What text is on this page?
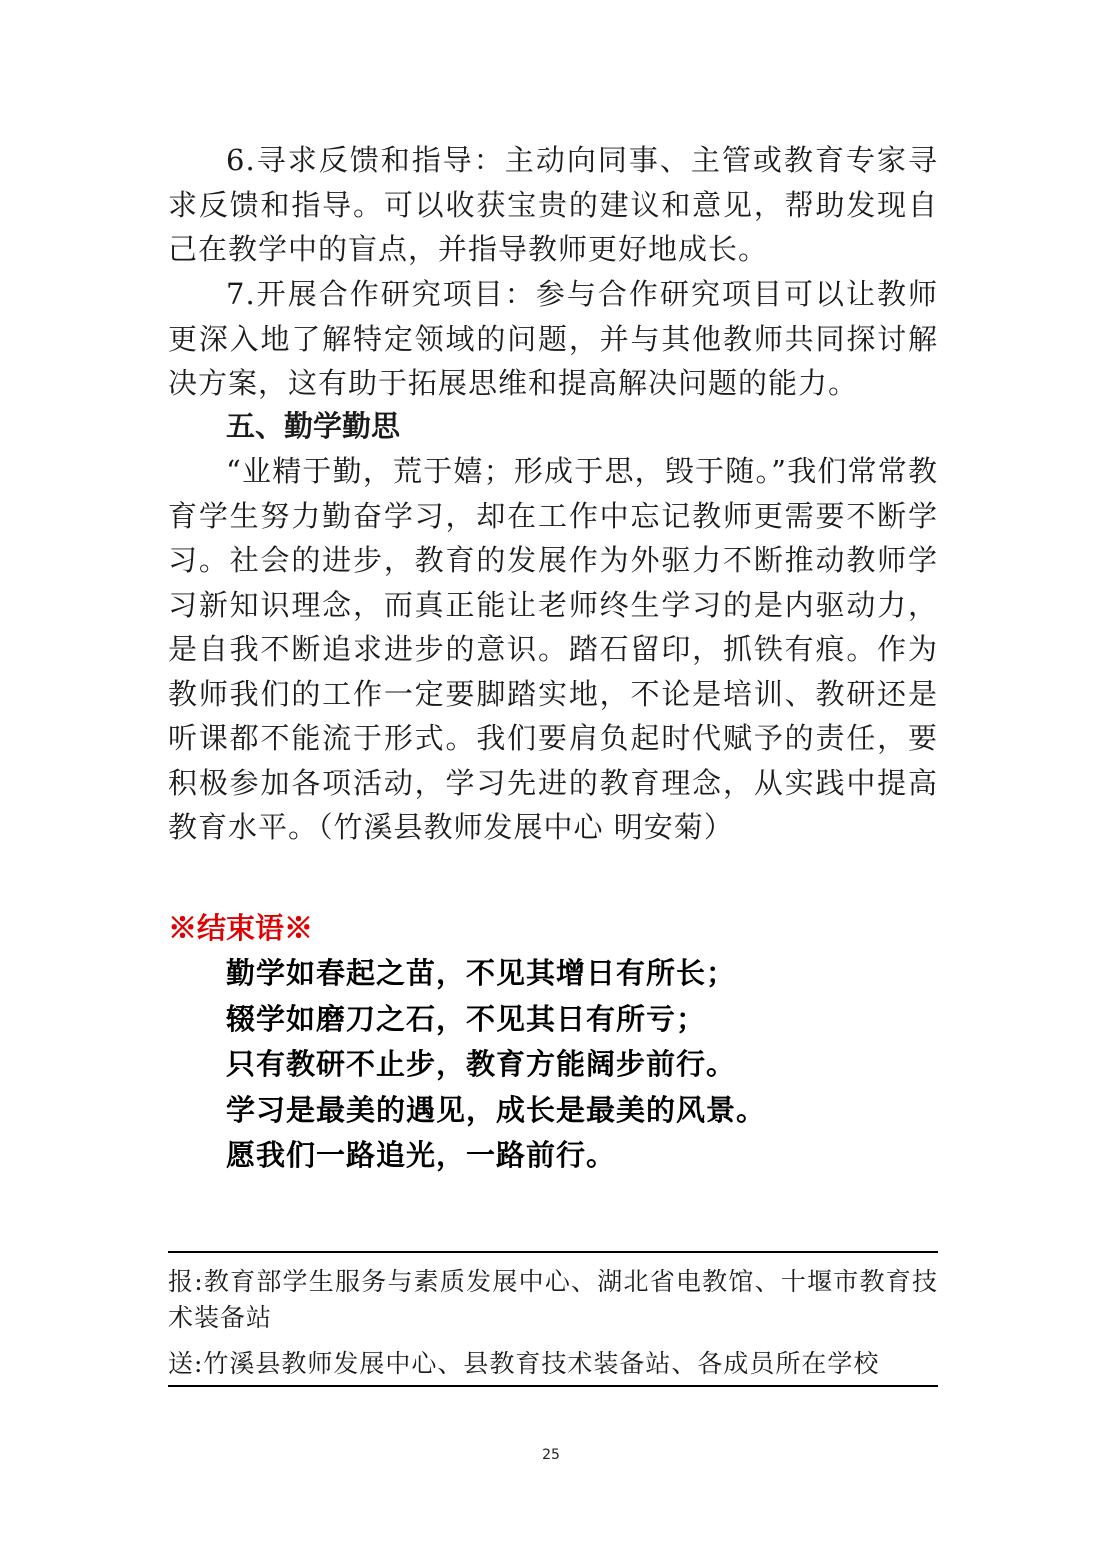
6.寻求反馈和指导：主动向同事、主管或教育专家寻求反馈和指导。可以收获宝贵的建议和意见，帮助发现自己在教学中的盲点，并指导教师更好地成长。

7.开展合作研究项目：参与合作研究项目可以让教师更深入地了解特定领域的问题，并与其他教师共同探讨解决方案，这有助于拓展思维和提高解决问题的能力。

五、勤学勤思

“业精于勤，荒于嬉；形成于思，毁于随。”我们常常教育学生努力勤奋学习，却在工作中忘记教师更需要不断学习。社会的进步，教育的发展作为外驱力不断推动教师学习新知识理念，而真正能让老师终生学习的是内驱动力，是自我不断追求进步的意识。踏石留印，抓铁有痕。作为教师我们的工作一定要脚踏实地，不论是培训、教研还是听课都不能流于形式。我们要肩负起时代赋予的责任，要积极参加各项活动，学习先进的教育理念，从实践中提高教育水平。（竹溪县教师发展中心 明安菊）

※结束语※
勤学如春起之苗，不见其增日有所长；
辍学如磨刀之石，不见其日有所亏；
只有教研不止步，教育方能阔步前行。
学习是最美的遇见，成长是最美的风景。
愿我们一路追光，一路前行。

报:教育部学生服务与素质发展中心、湖北省电教馆、十堰市教育技术装备站

送:竹溪县教师发展中心、县教育技术装备站、各成员所在学校

25
